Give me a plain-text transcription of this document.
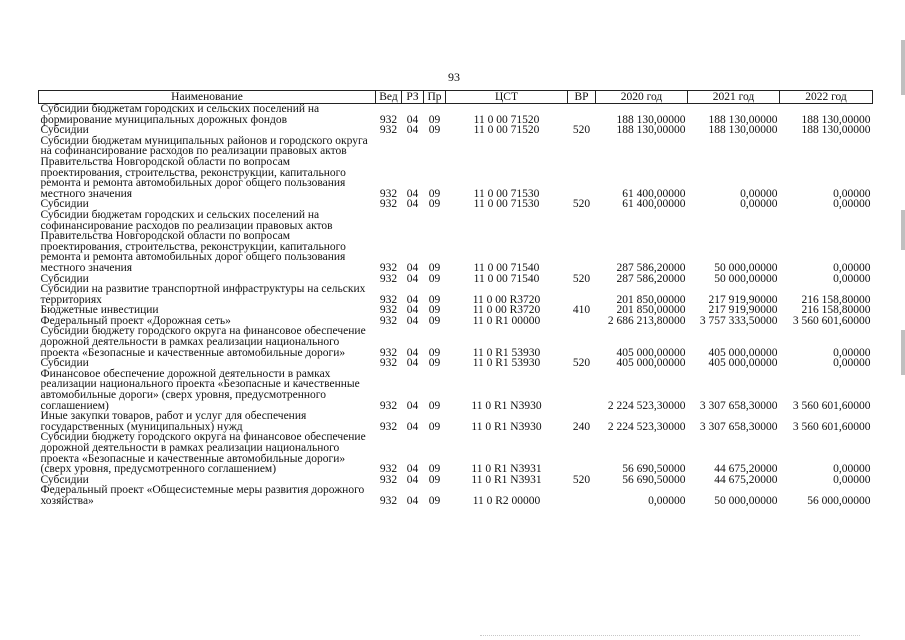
93
Наименование	Вед	РЗ	Пр	ЦСТ	ВР	2020 год	2021 год	2022 год
Субсидии бюджетам городских и сельских поселений на формирование муниципальных дорожных фондов	932	04	09	11 0 00 71520		188 130,00000	188 130,00000	188 130,00000
Субсидии	932	04	09	11 0 00 71520	520	188 130,00000	188 130,00000	188 130,00000
Субсидии бюджетам муниципальных районов и городского округа на софинансирование расходов по реализации правовых актов Правительства Новгородской области по вопросам проектирования, строительства, реконструкции, капитального ремонта и ремонта автомобильных дорог общего пользования местного значения	932	04	09	11 0 00 71530		61 400,00000	0,00000	0,00000
Субсидии	932	04	09	11 0 00 71530	520	61 400,00000	0,00000	0,00000
Субсидии бюджетам городских и сельских поселений на софинансирование расходов по реализации правовых актов Правительства Новгородской области по вопросам проектирования, строительства, реконструкции, капитального ремонта и ремонта автомобильных дорог общего пользования местного значения	932	04	09	11 0 00 71540		287 586,20000	50 000,00000	0,00000
Субсидии	932	04	09	11 0 00 71540	520	287 586,20000	50 000,00000	0,00000
Субсидии на развитие транспортной инфраструктуры на сельских территориях	932	04	09	11 0 00 R3720		201 850,00000	217 919,90000	216 158,80000
Бюджетные инвестиции	932	04	09	11 0 00 R3720	410	201 850,00000	217 919,90000	216 158,80000
Федеральный проект «Дорожная сеть»	932	04	09	11 0 R1 00000		2 686 213,80000	3 757 333,50000	3 560 601,60000
Субсидии бюджету городского округа на финансовое обеспечение дорожной деятельности в рамках реализации национального проекта «Безопасные и качественные автомобильные дороги»	932	04	09	11 0 R1 53930		405 000,00000	405 000,00000	0,00000
Субсидии	932	04	09	11 0 R1 53930	520	405 000,00000	405 000,00000	0,00000
Финансовое обеспечение дорожной деятельности в рамках реализации национального проекта «Безопасные и качественные автомобильные дороги» (сверх уровня, предусмотренного соглашением)	932	04	09	11 0 R1 N3930		2 224 523,30000	3 307 658,30000	3 560 601,60000
Иные закупки товаров, работ и услуг для обеспечения государственных (муниципальных) нужд	932	04	09	11 0 R1 N3930	240	2 224 523,30000	3 307 658,30000	3 560 601,60000
Субсидии бюджету городского округа на финансовое обеспечение дорожной деятельности в рамках реализации национального проекта «Безопасные и качественные автомобильные дороги» (сверх уровня, предусмотренного соглашением)	932	04	09	11 0 R1 N3931		56 690,50000	44 675,20000	0,00000
Субсидии	932	04	09	11 0 R1 N3931	520	56 690,50000	44 675,20000	0,00000
Федеральный проект «Общесистемные меры развития дорожного хозяйства»	932	04	09	11 0 R2 00000		0,00000	50 000,00000	56 000,00000
